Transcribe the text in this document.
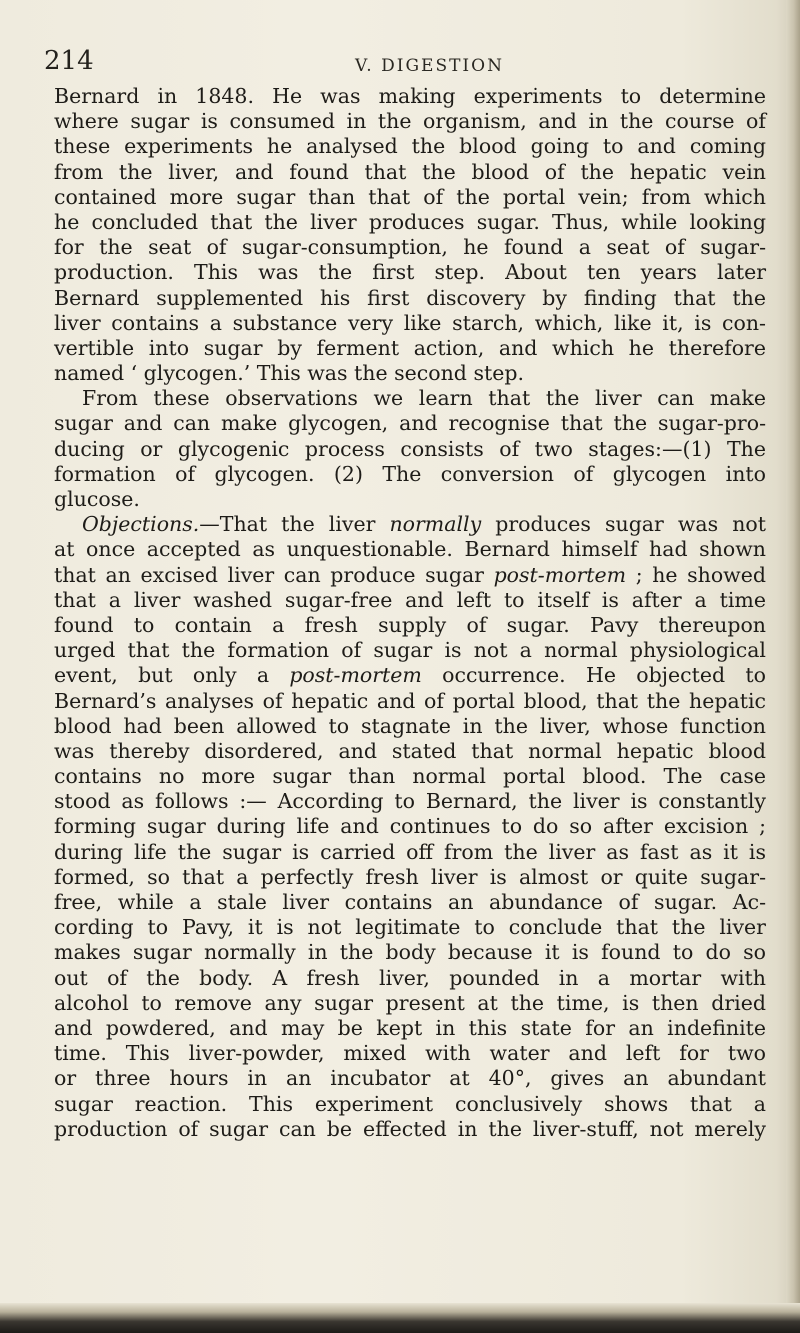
214	V. DIGESTION
Bernard in 1848. He was making experiments to determine
where sugar is consumed in the organism, and in the course of
these experiments he analysed the blood going to and coming
from the liver, and found that the blood of the hepatic vein
contained more sugar than that of the portal vein; from which
he concluded that the liver produces sugar. Thus, while looking
for the seat of sugar-consumption, he found a seat of sugar-
production. This was the first step. About ten years later
Bernard supplemented his first discovery by finding that the
liver contains a substance very like starch, which, like it, is con-
vertible into sugar by ferment action, and which he therefore
named ‘ glycogen.’ This was the second step.
From these observations we learn that the liver can make
sugar and can make glycogen, and recognise that the sugar-pro-
ducing or glycogenic process consists of two stages:—(1) The
formation of glycogen. (2) The conversion of glycogen into
glucose.
Objections.—That the liver normally produces sugar was not
at once accepted as unquestionable. Bernard himself had shown
that an excised liver can produce sugar post-mortem ; he showed
that a liver washed sugar-free and left to itself is after a time
found to contain a fresh supply of sugar. Pavy thereupon
urged that the formation of sugar is not a normal physiological
event, but only a post-mortem occurrence. He objected to
Bernard’s analyses of hepatic and of portal blood, that the hepatic
blood had been allowed to stagnate in the liver, whose function
was thereby disordered, and stated that normal hepatic blood
contains no more sugar than normal portal blood. The case
stood as follows :— According to Bernard, the liver is constantly
forming sugar during life and continues to do so after excision ;
during life the sugar is carried off from the liver as fast as it is
formed, so that a perfectly fresh liver is almost or quite sugar-
free, while a stale liver contains an abundance of sugar. Ac-
cording to Pavy, it is not legitimate to conclude that the liver
makes sugar normally in the body because it is found to do so
out of the body. A fresh liver, pounded in a mortar with
alcohol to remove any sugar present at the time, is then dried
and powdered, and may be kept in this state for an indefinite
time. This liver-powder, mixed with water and left for two
or three hours in an incubator at 40°, gives an abundant
sugar reaction. This experiment conclusively shows that a
production of sugar can be effected in the liver-stuff, not merely
